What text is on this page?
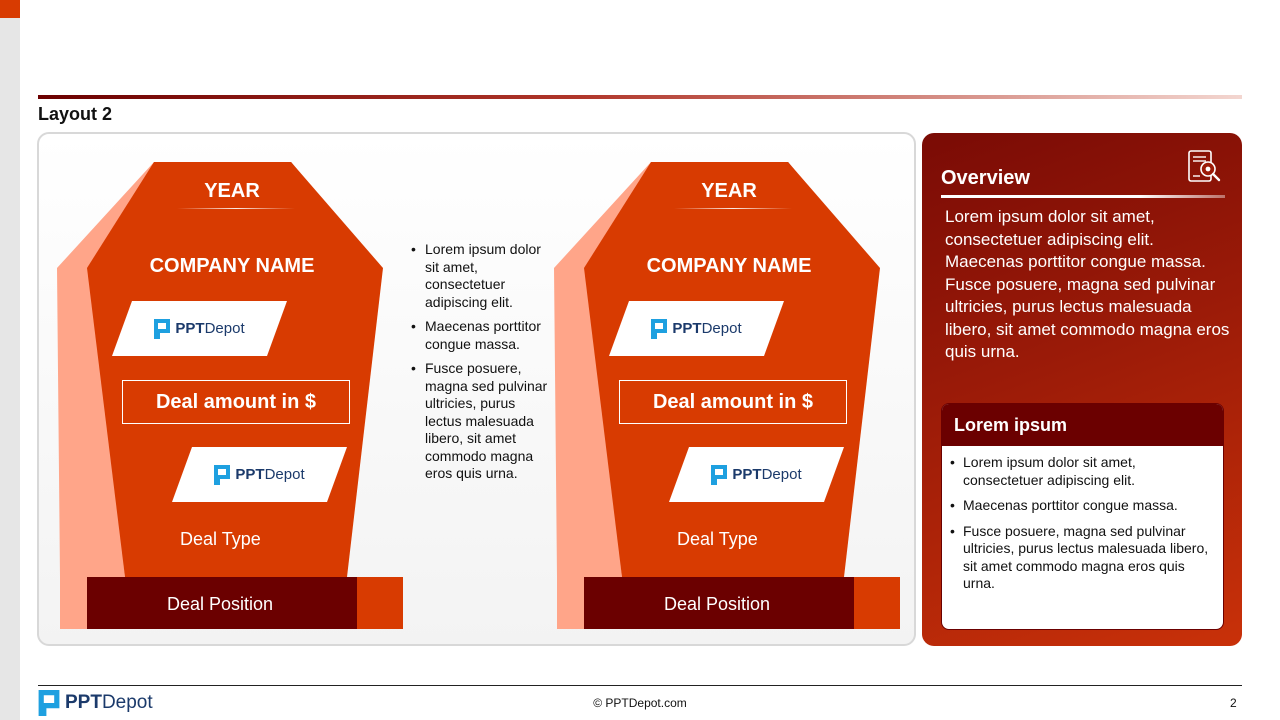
Layout 2
YEAR
COMPANY NAME
PPTDepot
Deal amount in $
PPTDepot
Deal Type
Deal Position
YEAR
COMPANY NAME
PPTDepot
Deal amount in $
PPTDepot
Deal Type
Deal Position
• Lorem ipsum dolor sit amet, consectetuer adipiscing elit.
• Maecenas porttitor congue massa.
• Fusce posuere, magna sed pulvinar ultricies, purus lectus malesuada libero, sit amet commodo magna eros quis urna.
Overview
Lorem ipsum dolor sit amet, consectetuer adipiscing elit. Maecenas porttitor congue massa. Fusce posuere, magna sed pulvinar ultricies, purus lectus malesuada libero, sit amet commodo magna eros quis urna.
Lorem ipsum
• Lorem ipsum dolor sit amet, consectetuer adipiscing elit.
• Maecenas porttitor congue massa.
• Fusce posuere, magna sed pulvinar ultricies, purus lectus malesuada libero, sit amet commodo magna eros quis urna.
PPTDepot	© PPTDepot.com	2
